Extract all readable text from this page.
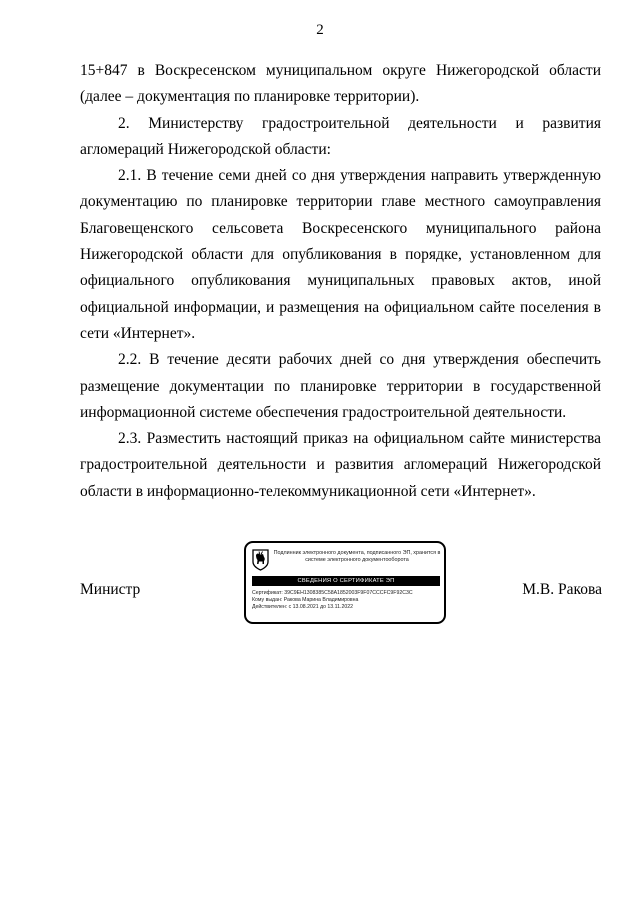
2

15+847 в Воскресенском муниципальном округе Нижегородской области (далее – документация по планировке территории).

2. Министерству градостроительной деятельности и развития агломераций Нижегородской области:

2.1. В течение семи дней со дня утверждения направить утвержденную документацию по планировке территории главе местного самоуправления Благовещенского сельсовета Воскресенского муниципального района Нижегородской области для опубликования в порядке, установленном для официального опубликования муниципальных правовых актов, иной официальной информации, и размещения на официальном сайте поселения в сети «Интернет».

2.2. В течение десяти рабочих дней со дня утверждения обеспечить размещение документации по планировке территории в государственной информационной системе обеспечения градостроительной деятельности.

2.3. Разместить настоящий приказ на официальном сайте министерства градостроительной деятельности и развития агломераций Нижегородской области в информационно-телекоммуникационной сети «Интернет».

Министр
Подлинник электронного документа, подписанного ЭП, хранится в системе электронного документооборота
СВЕДЕНИЯ О СЕРТИФИКАТЕ ЭП
Сертификат: 39C9EH1308385C58A1852003F9F07CCCFC9F92C3C
Кому выдан: Ракова Марина Владимировна
Действителен: с 13.08.2021 до 13.11.2022
М.В. Ракова
